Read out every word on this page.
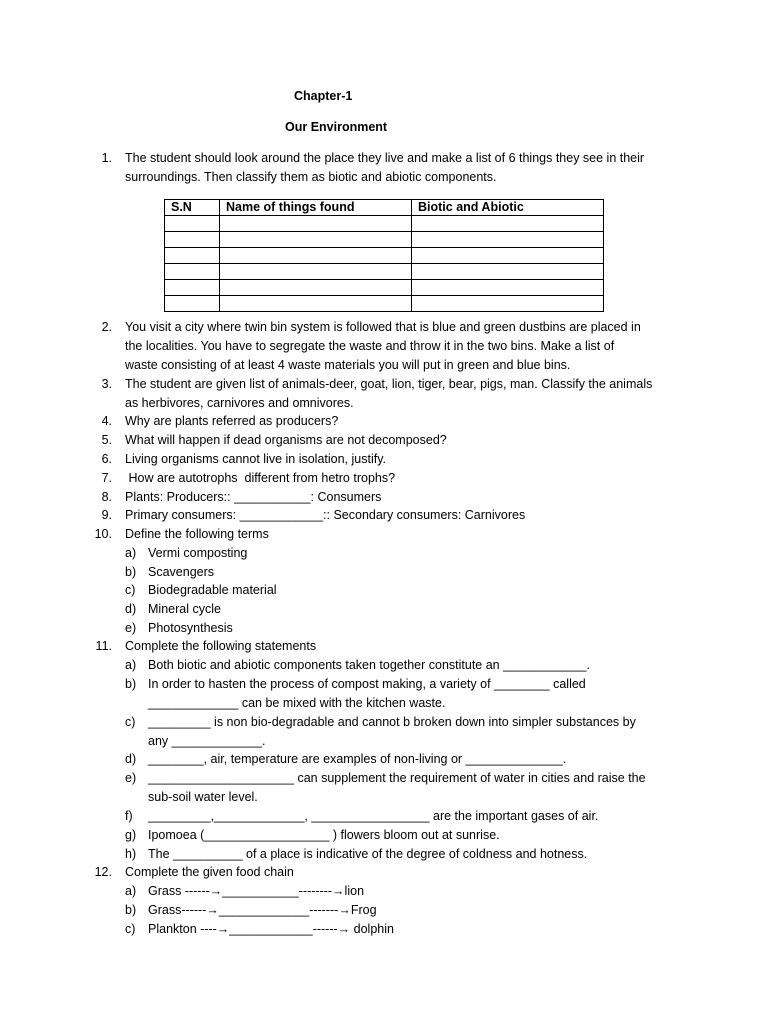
Chapter-1
Our Environment
1. The student should look around the place they live and make a list of 6 things they see in their
surroundings. Then classify them as biotic and abiotic components.
S.N	Name of things found	Biotic and Abiotic

2. You visit a city where twin bin system is followed that is blue and green dustbins are placed in
the localities. You have to segregate the waste and throw it in the two bins. Make a list of
waste consisting of at least 4 waste materials you will put in green and blue bins.
3. The student are given list of animals-deer, goat, lion, tiger, bear, pigs, man. Classify the animals
as herbivores, carnivores and omnivores.
4. Why are plants referred as producers?
5. What will happen if dead organisms are not decomposed?
6. Living organisms cannot live in isolation, justify.
7. How are autotrophs  different from hetro trophs?
8. Plants: Producers:: ___________: Consumers
9. Primary consumers: ____________:: Secondary consumers: Carnivores
10. Define the following terms
a) Vermi composting
b) Scavengers
c) Biodegradable material
d) Mineral cycle
e) Photosynthesis
11. Complete the following statements
a) Both biotic and abiotic components taken together constitute an ____________.
b) In order to hasten the process of compost making, a variety of ________ called
_____________ can be mixed with the kitchen waste.
c) _________ is non bio-degradable and cannot b broken down into simpler substances by
any _____________.
d) ________, air, temperature are examples of non-living or ______________.
e) _____________________ can supplement the requirement of water in cities and raise the
sub-soil water level.
f) _________,_____________, _________________ are the important gases of air.
g) Ipomoea (__________________ ) flowers bloom out at sunrise.
h) The __________ of a place is indicative of the degree of coldness and hotness.
12. Complete the given food chain
a) Grass ------→___________--------→lion
b) Grass------→_____________-------→Frog
c) Plankton ----→____________------→ dolphin
